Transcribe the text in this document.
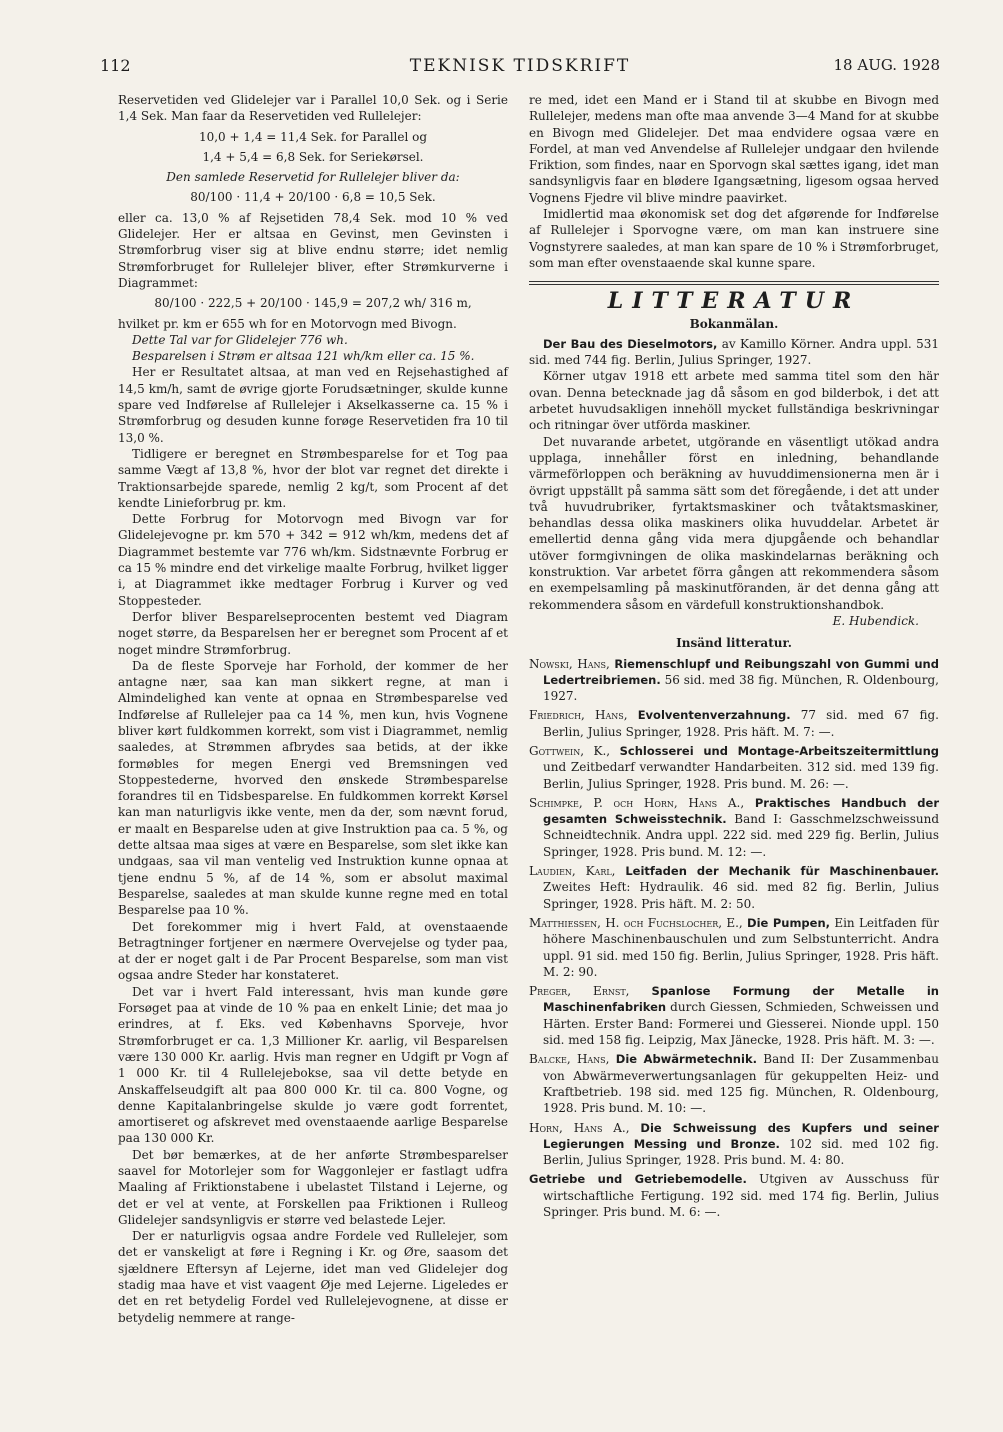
112	TEKNISK TIDSKRIFT	18 AUG. 1928

Reservetiden ved Glidelejer var i Parallel 10,0 Sek. og i Serie 1,4 Sek. Man faar da Reservetiden ved Rullelejer:

10,0 + 1,4 = 11,4 Sek. for Parallel og

1,4 + 5,4 = 6,8 Sek. for Seriekørsel.

Den samlede Reservetid for Rullelejer bliver da:

80/100 · 11,4 + 20/100 · 6,8 = 10,5 Sek.

eller ca. 13,0 % af Rejsetiden 78,4 Sek. mod 10 % ved Glidelejer. Her er altsaa en Gevinst, men Gevinsten i Strømforbrug viser sig at blive endnu større; idet nemlig Strømforbruget for Rullelejer bliver, efter Strømkurverne i Diagrammet:

80/100 · 222,5 + 20/100 · 145,9 = 207,2 wh/ 316 m,

hvilket pr. km er 655 wh for en Motorvogn med Bivogn.

Dette Tal var for Glidelejer 776 wh.

Besparelsen i Strøm er altsaa 121 wh/km eller ca. 15 %.

Her er Resultatet altsaa, at man ved en Rejsehastighed af 14,5 km/h, samt de øvrige gjorte Forudsætninger, skulde kunne spare ved Indførelse af Rullelejer i Akselkasserne ca. 15 % i Strømforbrug og desuden kunne forøge Reservetiden fra 10 til 13,0 %.

Tidligere er beregnet en Strømbesparelse for et Tog paa samme Vægt af 13,8 %, hvor der blot var regnet det direkte i Traktionsarbejde sparede, nemlig 2 kg/t, som Procent af det kendte Linieforbrug pr. km.

Dette Forbrug for Motorvogn med Bivogn var for Glidelejevogne pr. km 570 + 342 = 912 wh/km, medens det af Diagrammet bestemte var 776 wh/km. Sidstnævnte Forbrug er ca 15 % mindre end det virkelige maalte Forbrug, hvilket ligger i, at Diagrammet ikke medtager Forbrug i Kurver og ved Stoppesteder.

Derfor bliver Besparelseprocenten bestemt ved Diagram noget større, da Besparelsen her er beregnet som Procent af et noget mindre Strømforbrug.

Da de fleste Sporveje har Forhold, der kommer de her antagne nær, saa kan man sikkert regne, at man i Almindelighed kan vente at opnaa en Strømbesparelse ved Indførelse af Rullelejer paa ca 14 %, men kun, hvis Vognene bliver kørt fuldkommen korrekt, som vist i Diagrammet, nemlig saaledes, at Strømmen afbrydes saa betids, at der ikke formøbles for megen Energi ved Bremsningen ved Stoppestederne, hvorved den ønskede Strømbesparelse forandres til en Tidsbesparelse. En fuldkommen korrekt Kørsel kan man naturligvis ikke vente, men da der, som nævnt forud, er maalt en Besparelse uden at give Instruktion paa ca. 5 %, og dette altsaa maa siges at være en Besparelse, som slet ikke kan undgaas, saa vil man ventelig ved Instruktion kunne opnaa at tjene endnu 5 %, af de 14 %, som er absolut maximal Besparelse, saaledes at man skulde kunne regne med en total Besparelse paa 10 %.

Det forekommer mig i hvert Fald, at ovenstaaende Betragtninger fortjener en nærmere Overvejelse og tyder paa, at der er noget galt i de Par Procent Besparelse, som man vist ogsaa andre Steder har konstateret.

Det var i hvert Fald interessant, hvis man kunde gøre Forsøget paa at vinde de 10 % paa en enkelt Linie; det maa jo erindres, at f. Eks. ved Københavns Sporveje, hvor Strømforbruget er ca. 1,3 Millioner Kr. aarlig, vil Besparelsen være 130 000 Kr. aarlig. Hvis man regner en Udgift pr Vogn af 1 000 Kr. til 4 Rullelejebokse, saa vil dette betyde en Anskaffelseudgift alt paa 800 000 Kr. til ca. 800 Vogne, og denne Kapitalanbringelse skulde jo være godt forrentet, amortiseret og afskrevet med ovenstaaende aarlige Besparelse paa 130 000 Kr.

Det bør bemærkes, at de her anførte Strømbesparelser saavel for Motorlejer som for Waggonlejer er fastlagt udfra Maaling af Friktionstabene i ubelastet Tilstand i Lejerne, og det er vel at vente, at Forskellen paa Friktionen i Rulleog Glidelejer sandsynligvis er større ved belastede Lejer.

Der er naturligvis ogsaa andre Fordele ved Rullelejer, som det er vanskeligt at føre i Regning i Kr. og Øre, saasom det sjældnere Eftersyn af Lejerne, idet man ved Glidelejer dog stadig maa have et vist vaagent Øje med Lejerne. Ligeledes er det en ret betydelig Fordel ved Rullelejevognene, at disse er betydelig nemmere at range-

re med, idet een Mand er i Stand til at skubbe en Bivogn med Rullelejer, medens man ofte maa anvende 3—4 Mand for at skubbe en Bivogn med Glidelejer. Det maa endvidere ogsaa være en Fordel, at man ved Anvendelse af Rullelejer undgaar den hvilende Friktion, som findes, naar en Sporvogn skal sættes igang, idet man sandsynligvis faar en blødere Igangsætning, ligesom ogsaa herved Vognens Fjedre vil blive mindre paavirket.

Imidlertid maa økonomisk set dog det afgørende for Indførelse af Rullelejer i Sporvogne være, om man kan instruere sine Vognstyrere saaledes, at man kan spare de 10 % i Strømforbruget, som man efter ovenstaaende skal kunne spare.

LITTERATUR

Bokanmälan.

Der Bau des Dieselmotors, av Kamillo Körner. Andra uppl. 531 sid. med 744 fig. Berlin, Julius Springer, 1927.

Körner utgav 1918 ett arbete med samma titel som den här ovan. Denna betecknade jag då såsom en god bilderbok, i det att arbetet huvudsakligen innehöll mycket fullständiga beskrivningar och ritningar över utförda maskiner.

Det nuvarande arbetet, utgörande en väsentligt utökad andra upplaga, innehåller först en inledning, behandlande värmeförloppen och beräkning av huvuddimensionerna men är i övrigt uppställt på samma sätt som det föregående, i det att under två huvudrubriker, fyrtaktsmaskiner och tvåtaktsmaskiner, behandlas dessa olika maskiners olika huvuddelar. Arbetet är emellertid denna gång vida mera djupgående och behandlar utöver formgivningen de olika maskindelarnas beräkning och konstruktion. Var arbetet förra gången att rekommendera såsom en exempelsamling på maskinutföranden, är det denna gång att rekommendera såsom en värdefull konstruktionshandbok.

E. Hubendick.

Insänd litteratur.

Nowski, Hans, Riemenschlupf und Reibungszahl von Gummi und Ledertreibriemen. 56 sid. med 38 fig. München, R. Oldenbourg, 1927.

Friedrich, Hans, Evolventenverzahnung. 77 sid. med 67 fig. Berlin, Julius Springer, 1928. Pris häft. M. 7: —.

Gottwein, K., Schlosserei und Montage-Arbeitszeitermittlung und Zeitbedarf verwandter Handarbeiten. 312 sid. med 139 fig. Berlin, Julius Springer, 1928. Pris bund. M. 26: —.

Schimpke, P. och Horn, Hans A., Praktisches Handbuch der gesamten Schweisstechnik. Band I: Gasschmelzschweissund Schneidtechnik. Andra uppl. 222 sid. med 229 fig. Berlin, Julius Springer, 1928. Pris bund. M. 12: —.

Laudien, Karl, Leitfaden der Mechanik für Maschinenbauer. Zweites Heft: Hydraulik. 46 sid. med 82 fig. Berlin, Julius Springer, 1928. Pris häft. M. 2: 50.

Matthiessen, H. och Fuchslocher, E., Die Pumpen, Ein Leitfaden für höhere Maschinenbauschulen und zum Selbstunterricht. Andra uppl. 91 sid. med 150 fig. Berlin, Julius Springer, 1928. Pris häft. M. 2: 90.

Preger, Ernst, Spanlose Formung der Metalle in Maschinenfabriken durch Giessen, Schmieden, Schweissen und Härten. Erster Band: Formerei und Giesserei. Nionde uppl. 150 sid. med 158 fig. Leipzig, Max Jänecke, 1928. Pris häft. M. 3: —.

Balcke, Hans, Die Abwärmetechnik. Band II: Der Zusammenbau von Abwärmeverwertungsanlagen für gekuppelten Heiz- und Kraftbetrieb. 198 sid. med 125 fig. München, R. Oldenbourg, 1928. Pris bund. M. 10: —.

Horn, Hans A., Die Schweissung des Kupfers und seiner Legierungen Messing und Bronze. 102 sid. med 102 fig. Berlin, Julius Springer, 1928. Pris bund. M. 4: 80.

Getriebe und Getriebemodelle. Utgiven av Ausschuss für wirtschaftliche Fertigung. 192 sid. med 174 fig. Berlin, Julius Springer. Pris bund. M. 6: —.
